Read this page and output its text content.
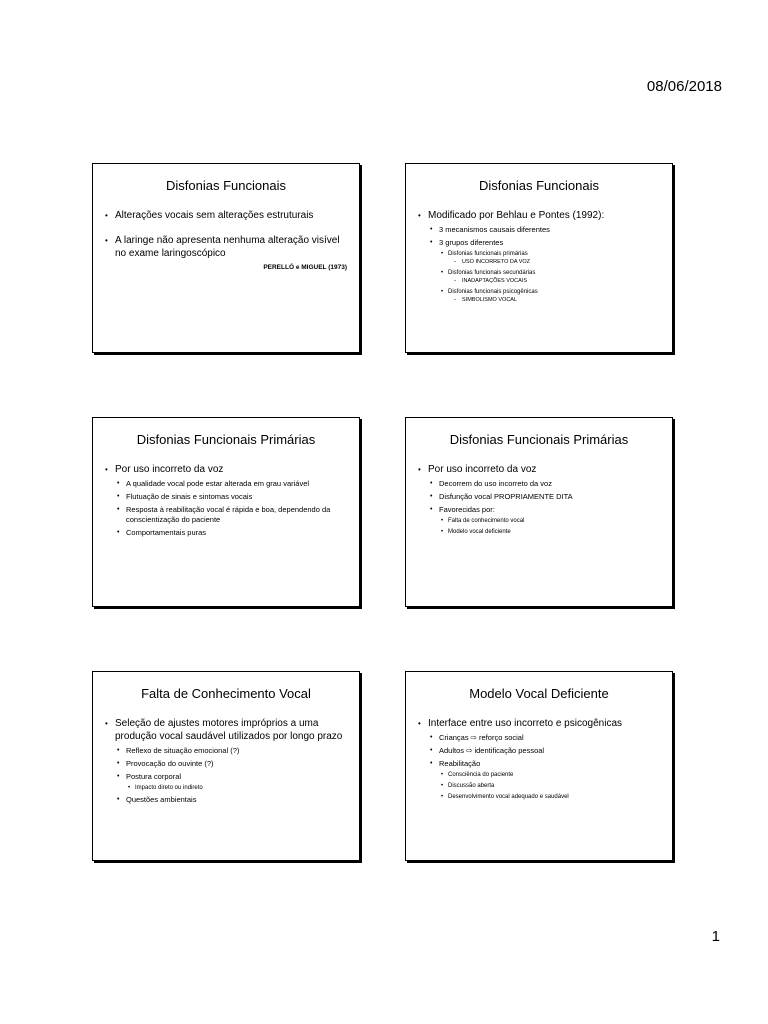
08/06/2018
Disfonias Funcionais
• Alterações vocais sem alterações estruturais
• A laringe não apresenta nenhuma alteração visível no exame laringoscópico
PERELLÓ e MIGUEL (1973)
Disfonias Funcionais
• Modificado por Behlau e Pontes (1992):
• 3 mecanismos causais diferentes
• 3 grupos diferentes
• Disfonias funcionais primárias
- USO INCORRETO DA VOZ
• Disfonias funcionais secundárias
- INADAPTAÇÕES VOCAIS
• Disfonias funcionais psicogênicas
- SIMBOLISMO VOCAL
Disfonias Funcionais Primárias
• Por uso incorreto da voz
• A qualidade vocal pode estar alterada em grau variável
• Flutuação de sinais e sintomas vocais
• Resposta à reabilitação vocal é rápida e boa, dependendo da conscientização do paciente
• Comportamentais puras
Disfonias Funcionais Primárias
• Por uso incorreto da voz
• Decorrem do uso incorreto da voz
• Disfunção vocal PROPRIAMENTE DITA
• Favorecidas por:
• Falta de conhecimento vocal
• Modelo vocal deficiente
Falta de Conhecimento Vocal
• Seleção de ajustes motores impróprios a uma produção vocal saudável utilizados por longo prazo
• Reflexo de situação emocional (?)
• Provocação do ouvinte (?)
• Postura corporal
• Impacto direto ou indireto
• Questões ambientais
Modelo Vocal Deficiente
• Interface entre uso incorreto e psicogênicas
• Crianças ⇨ reforço social
• Adultos ⇨ identificação pessoal
• Reabilitação
• Consciência do paciente
• Discussão aberta
• Desenvolvimento vocal adequado e saudável
1
